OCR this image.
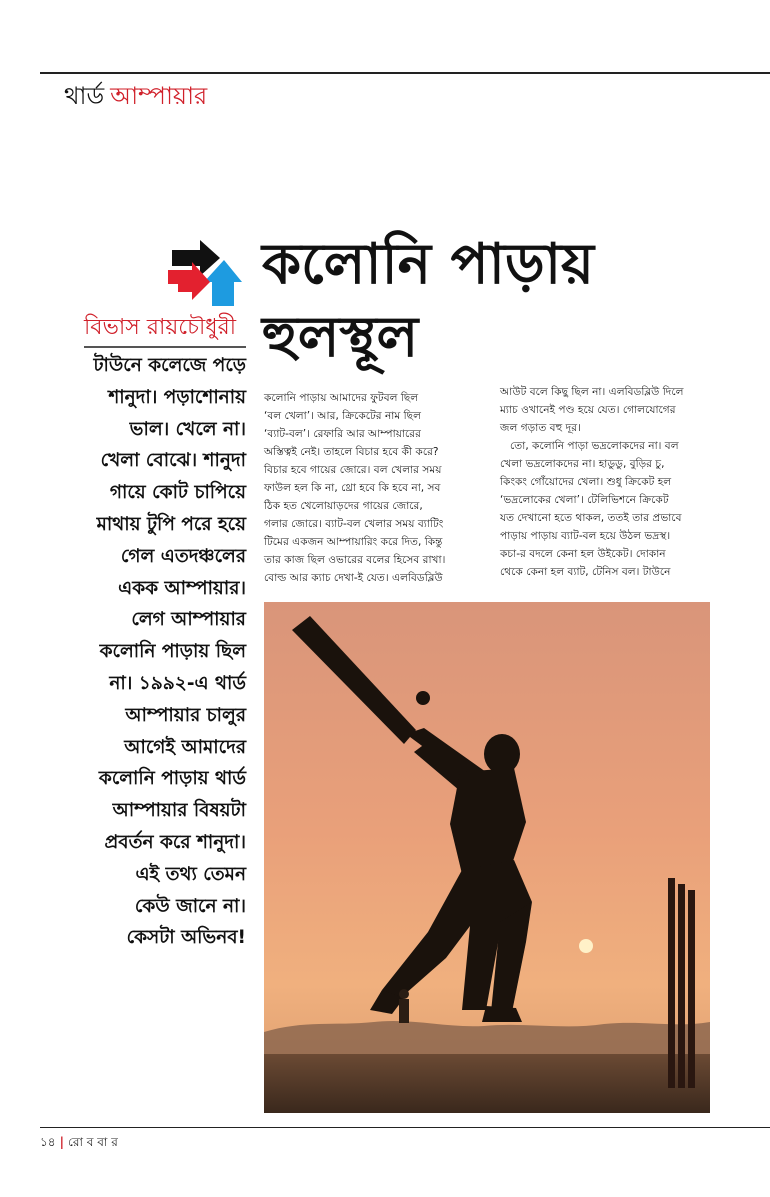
থার্ড আম্পায়ার
কলোনি পাড়ায়
হুলস্থূল
বিভাস রায়চৌধুরী
টাউনে কলেজে পড়ে
শানুদা। পড়াশোনায়
ভাল। খেলে না।
খেলা বোঝে। শানুদা
গায়ে কোট চাপিয়ে
মাথায় টুপি পরে হয়ে
গেল এতদঞ্চলের
একক আম্পায়ার।
লেগ আম্পায়ার
কলোনি পাড়ায় ছিল
না। ১৯৯২-এ থার্ড
আম্পায়ার চালুর
আগেই আমাদের
কলোনি পাড়ায় থার্ড
আম্পায়ার বিষয়টা
প্রবর্তন করে শানুদা।
এই তথ্য তেমন
কেউ জানে না।
কেসটা অভিনব!
কলোনি পাড়ায় আমাদের ফুটবল ছিল
‘বল খেলা’। আর, ক্রিকেটের নাম ছিল
‘ব্যাট-বল’। রেফারি আর আম্পায়ারের
অস্তিত্বই নেই। তাহলে বিচার হবে কী করে?
বিচার হবে গায়ের জোরে। বল খেলার সময়
ফাউল হল কি না, থ্রো হবে কি হবে না, সব
ঠিক হত খেলোয়াড়দের গায়ের জোরে,
গলার জোরে। ব্যাট-বল খেলার সময় ব্যাটিং
টিমের একজন আম্পায়ারিং করে দিত, কিন্তু
তার কাজ ছিল ওভারের বলের হিসেব রাখা।
বোল্ড আর ক্যাচ দেখা-ই যেত। এলবিডব্লিউ
আউট বলে কিছু ছিল না। এলবিডব্লিউ দিলে
ম্যাচ ওখানেই পণ্ড হয়ে যেত। গোলযোগের
জল গড়াত বহু দূর।
তো, কলোনি পাড়া ভদ্রলোকদের না। বল
খেলা ভদ্রলোকদের না। হাডুডু, বুড়ির চু,
কিংকং গোঁয়োদের খেলা। শুধু ক্রিকেট হল
‘ভদ্রলোকের খেলা’। টেলিভিশনে ক্রিকেট
যত দেখানো হতে থাকল, ততই তার প্রভাবে
পাড়ায় পাড়ায় ব্যাট-বল হয়ে উঠল ভদ্রস্থ।
কচা-র বদলে কেনা হল উইকেট। দোকান
থেকে কেনা হল ব্যাট, টেনিস বল। টাউনে
১৪ | রো ব বা র
